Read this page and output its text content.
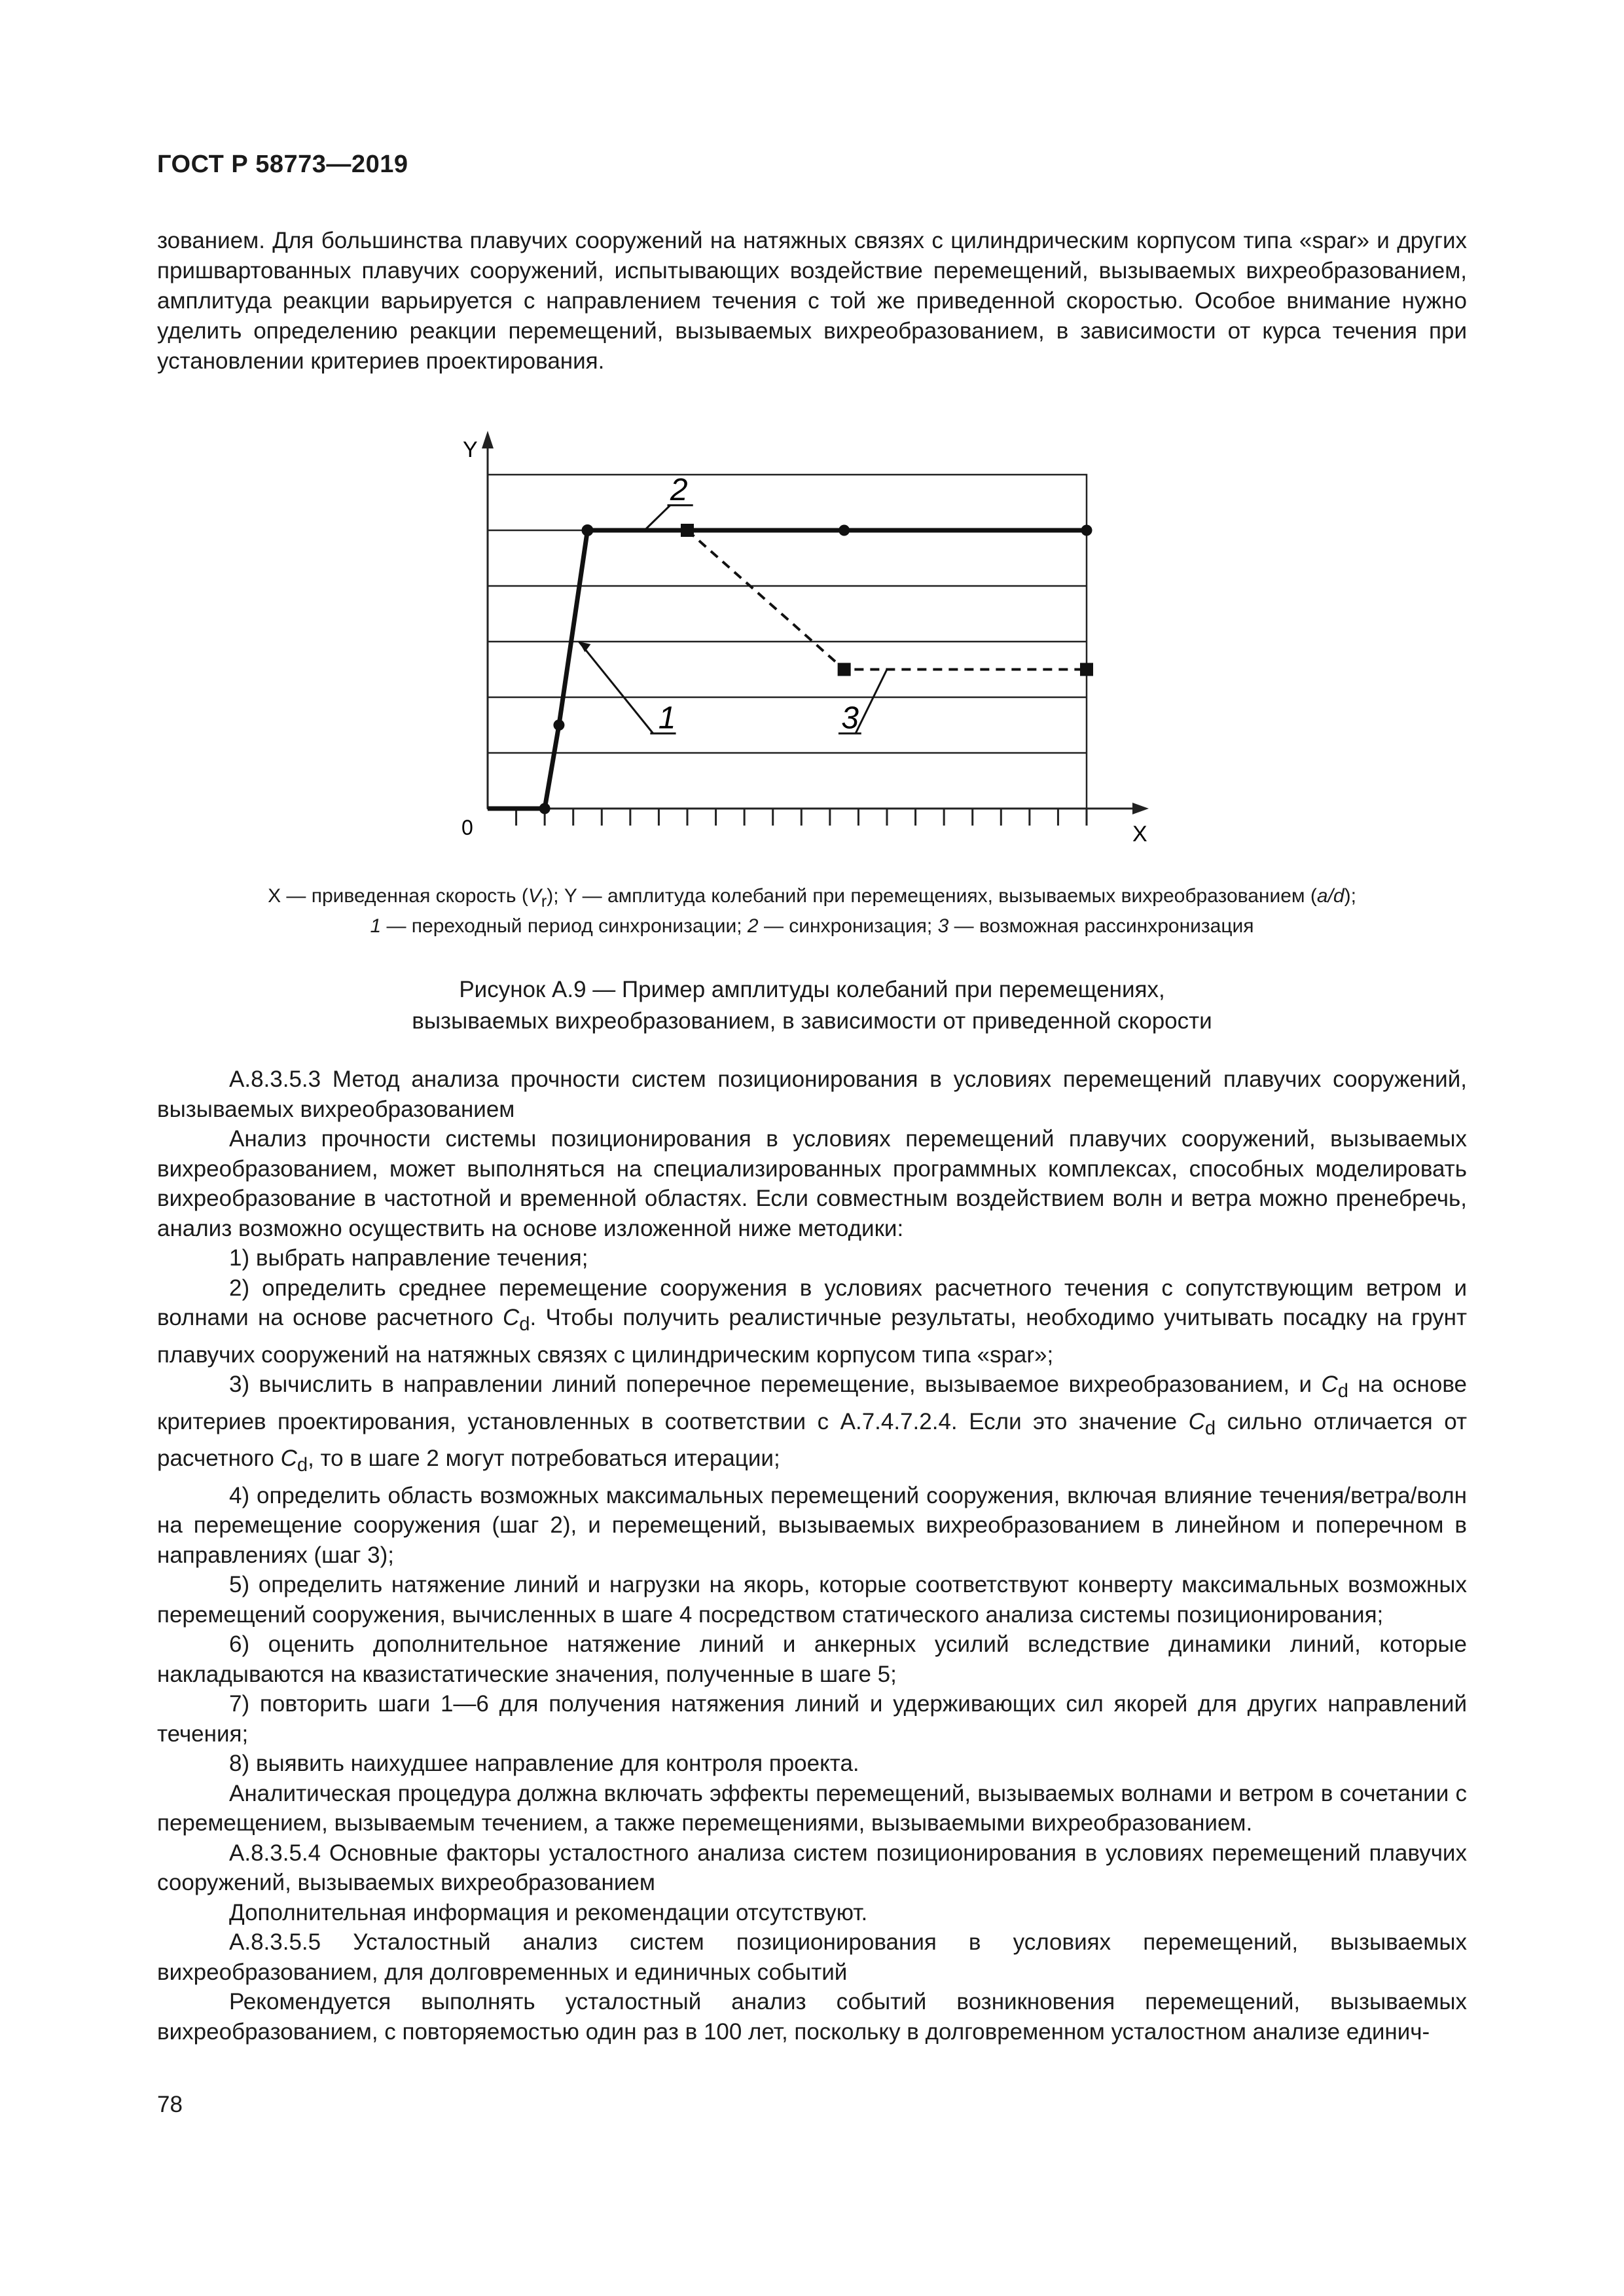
ГОСТ Р 58773—2019

зованием. Для большинства плавучих сооружений на натяжных связях с цилиндрическим корпусом типа «spar» и других пришвартованных плавучих сооружений, испытывающих воздействие перемещений, вызываемых вихреобразованием, амплитуда реакции варьируется с направлением течения с той же приведенной скоростью. Особое внимание нужно уделить определению реакции перемещений, вызываемых вихреобразованием, в зависимости от курса течения при установлении критериев проектирования.

Y
X
0
1
2
3
X — приведенная скорость $(V_r)$; Y — амплитуда колебаний при перемещениях, вызываемых вихреобразованием (a/d);
1 — переходный период синхронизации; 2 — синхронизация; 3 — возможная рассинхронизация
Рисунок А.9 — Пример амплитуды колебаний при перемещениях,
вызываемых вихреобразованием, в зависимости от приведенной скорости

А.8.3.5.3 Метод анализа прочности систем позиционирования в условиях перемещений плавучих сооружений, вызываемых вихреобразованием

Анализ прочности системы позиционирования в условиях перемещений плавучих сооружений, вызываемых вихреобразованием, может выполняться на специализированных программных комплексах, способных моделировать вихреобразование в частотной и временной областях. Если совместным воздействием волн и ветра можно пренебречь, анализ возможно осуществить на основе изложенной ниже методики:

1) выбрать направление течения;

2) определить среднее перемещение сооружения в условиях расчетного течения с сопутствующим ветром и волнами на основе расчетного $C_d$. Чтобы получить реалистичные результаты, необходимо учитывать посадку на грунт плавучих сооружений на натяжных связях с цилиндрическим корпусом типа «spar»;

3) вычислить в направлении линий поперечное перемещение, вызываемое вихреобразованием, и $C_d$ на основе критериев проектирования, установленных в соответствии с А.7.4.7.2.4. Если это значение $C_d$ сильно отличается от расчетного $C_d$, то в шаге 2 могут потребоваться итерации;

4) определить область возможных максимальных перемещений сооружения, включая влияние течения/ветра/волн на перемещение сооружения (шаг 2), и перемещений, вызываемых вихреобразованием в линейном и поперечном в направлениях (шаг 3);

5) определить натяжение линий и нагрузки на якорь, которые соответствуют конверту максимальных возможных перемещений сооружения, вычисленных в шаге 4 посредством статического анализа системы позиционирования;

6) оценить дополнительное натяжение линий и анкерных усилий вследствие динамики линий, которые накладываются на квазистатические значения, полученные в шаге 5;

7) повторить шаги 1—6 для получения натяжения линий и удерживающих сил якорей для других направлений течения;

8) выявить наихудшее направление для контроля проекта.

Аналитическая процедура должна включать эффекты перемещений, вызываемых волнами и ветром в сочетании с перемещением, вызываемым течением, а также перемещениями, вызываемыми вихреобразованием.

А.8.3.5.4 Основные факторы усталостного анализа систем позиционирования в условиях перемещений плавучих сооружений, вызываемых вихреобразованием

Дополнительная информация и рекомендации отсутствуют.

А.8.3.5.5 Усталостный анализ систем позиционирования в условиях перемещений, вызываемых вихреобразованием, для долговременных и единичных событий

Рекомендуется выполнять усталостный анализ событий возникновения перемещений, вызываемых вихреобразованием, с повторяемостью один раз в 100 лет, поскольку в долговременном усталостном анализе единич-

78
